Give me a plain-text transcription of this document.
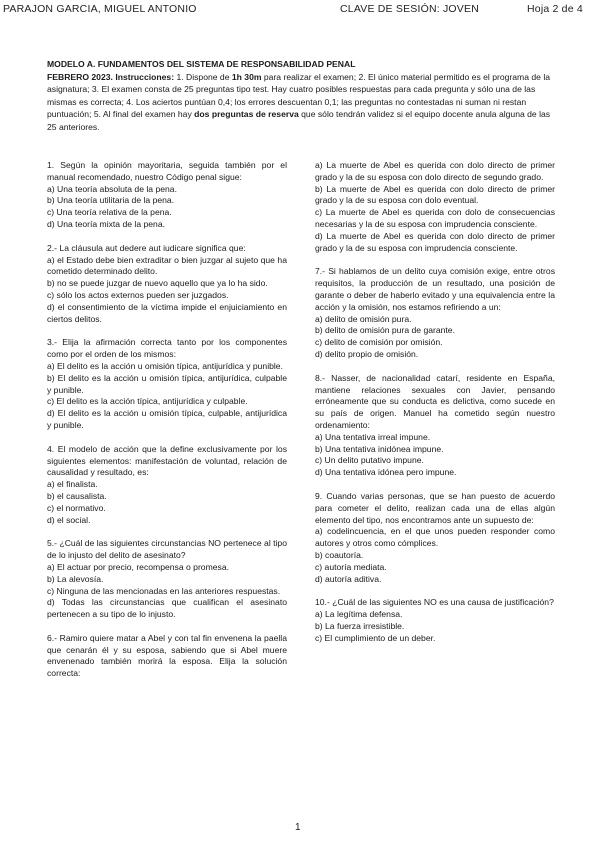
PARAJON GARCIA, MIGUEL ANTONIO	CLAVE DE SESIÓN: JOVEN	Hoja 2 de 4
MODELO A. FUNDAMENTOS DEL SISTEMA DE RESPONSABILIDAD PENAL
FEBRERO 2023. Instrucciones: 1. Dispone de 1h 30m para realizar el examen; 2. El único material permitido es el programa de la asignatura; 3. El examen consta de 25 preguntas tipo test. Hay cuatro posibles respuestas para cada pregunta y sólo una de las mismas es correcta; 4. Los aciertos puntúan 0,4; los errores descuentan 0,1; las preguntas no contestadas ni suman ni restan puntuación; 5. Al final del examen hay dos preguntas de reserva que sólo tendrán validez si el equipo docente anula alguna de las 25 anteriores.
1. Según la opinión mayoritaria, seguida también por el manual recomendado, nuestro Código penal sigue:
a) Una teoría absoluta de la pena.
b) Una teoría utilitaria de la pena.
c) Una teoría relativa de la pena.
d) Una teoría mixta de la pena.
2.- La cláusula aut dedere aut iudicare significa que:
a) el Estado debe bien extraditar o bien juzgar al sujeto que ha cometido determinado delito.
b) no se puede juzgar de nuevo aquello que ya lo ha sido.
c) sólo los actos externos pueden ser juzgados.
d) el consentimiento de la víctima impide el enjuiciamiento en ciertos delitos.
3.- Elija la afirmación correcta tanto por los componentes como por el orden de los mismos:
a) El delito es la acción u omisión típica, antijurídica y punible.
b) El delito es la acción u omisión típica, antijurídica, culpable y punible.
c) El delito es la acción típica, antijurídica y culpable.
d) El delito es la acción u omisión típica, culpable, antijurídica y punible.
4. El modelo de acción que la define exclusivamente por los siguientes elementos: manifestación de voluntad, relación de causalidad y resultado, es:
a) el finalista.
b) el causalista.
c) el normativo.
d) el social.
5.- ¿Cuál de las siguientes circunstancias NO pertenece al tipo de lo injusto del delito de asesinato?
a) El actuar por precio, recompensa o promesa.
b) La alevosía.
c) Ninguna de las mencionadas en las anteriores respuestas.
d) Todas las circunstancias que cualifican el asesinato pertenecen a su tipo de lo injusto.
6.- Ramiro quiere matar a Abel y con tal fin envenena la paella que cenarán él y su esposa, sabiendo que si Abel muere envenenado también morirá la esposa. Elija la solución correcta:
a) La muerte de Abel es querida con dolo directo de primer grado y la de su esposa con dolo directo de segundo grado.
b) La muerte de Abel es querida con dolo directo de primer grado y la de su esposa con dolo eventual.
c) La muerte de Abel es querida con dolo de consecuencias necesarias y la de su esposa con imprudencia consciente.
d) La muerte de Abel es querida con dolo directo de primer grado y la de su esposa con imprudencia consciente.
7.- Si hablamos de un delito cuya comisión exige, entre otros requisitos, la producción de un resultado, una posición de garante o deber de haberlo evitado y una equivalencia entre la acción y la omisión, nos estamos refiriendo a un:
a) delito de omisión pura.
b) delito de omisión pura de garante.
c) delito de comisión por omisión.
d) delito propio de omisión.
8.- Nasser, de nacionalidad catarí, residente en España, mantiene relaciones sexuales con Javier, pensando erróneamente que su conducta es delictiva, como sucede en su país de origen. Manuel ha cometido según nuestro ordenamiento:
a) Una tentativa irreal impune.
b) Una tentativa inidónea impune.
c) Un delito putativo impune.
d) Una tentativa idónea pero impune.
9. Cuando varias personas, que se han puesto de acuerdo para cometer el delito, realizan cada una de ellas algún elemento del tipo, nos encontramos ante un supuesto de:
a) codelincuencia, en el que unos pueden responder como autores y otros como cómplices.
b) coautoría.
c) autoría mediata.
d) autoría aditiva.
10.- ¿Cuál de las siguientes NO es una causa de justificación?
a) La legítima defensa.
b) La fuerza irresistible.
c) El cumplimiento de un deber.
1
